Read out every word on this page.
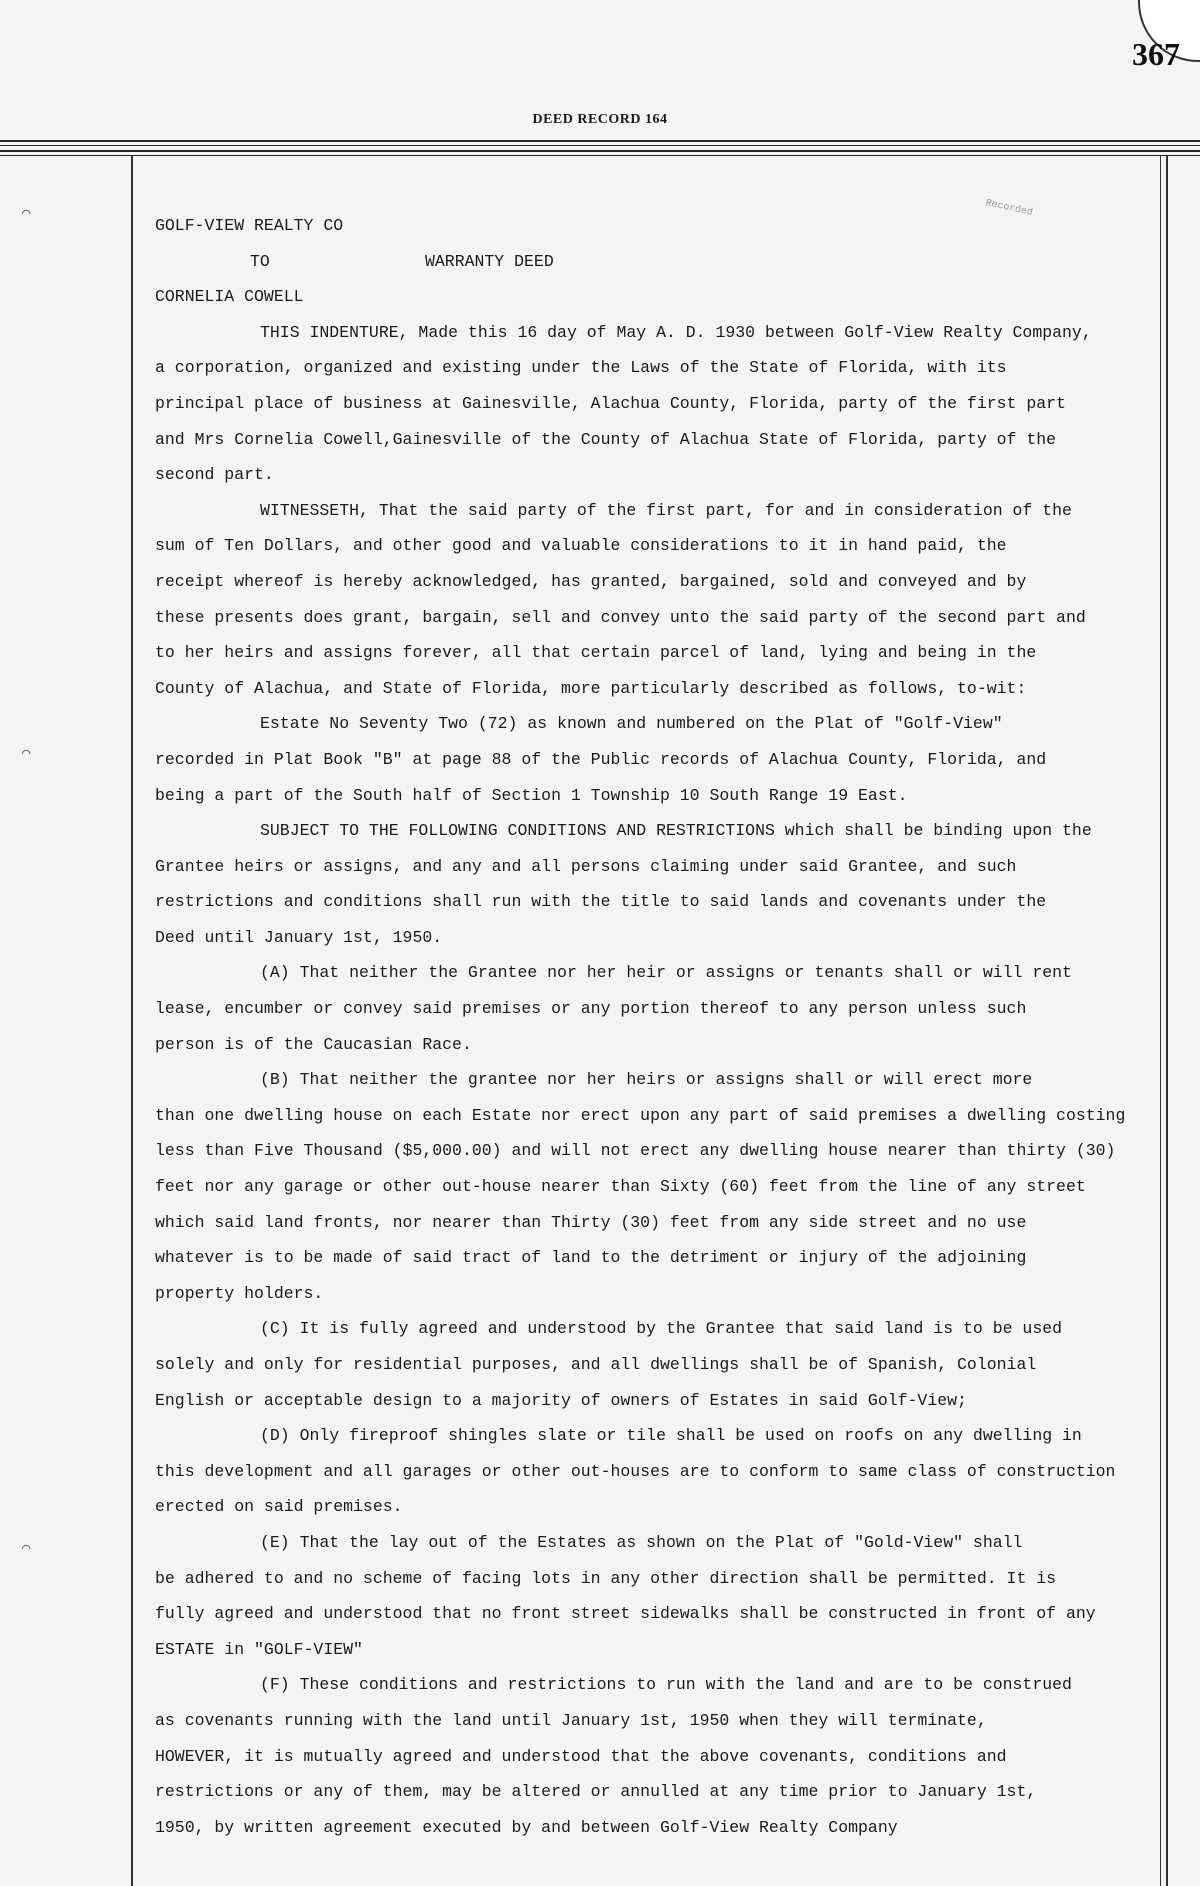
367
DEED RECORD 164
⌒
⌒
⌒
Recorded
GOLF-VIEW REALTY CO
TO	WARRANTY DEED
CORNELIA COWELL
THIS INDENTURE, Made this 16 day of May A. D. 1930 between Golf-View Realty Company,
a corporation, organized and existing under the Laws of the State of Florida, with its
principal place of business at Gainesville, Alachua County, Florida, party of the first part
and Mrs Cornelia Cowell,Gainesville of the County of Alachua State of Florida, party of the
second part.
WITNESSETH, That the said party of the first part, for and in consideration of the
sum of Ten Dollars, and other good and valuable considerations to it in hand paid, the
receipt whereof is hereby acknowledged, has granted, bargained, sold and conveyed and by
these presents does grant, bargain, sell and convey unto the said party of the second part and
to her heirs and assigns forever, all that certain parcel of land, lying and being in the
County of Alachua, and State of Florida, more particularly described as follows, to-wit:
Estate No Seventy Two (72) as known and numbered on the Plat of "Golf-View"
recorded in Plat Book "B" at page 88 of the Public records of Alachua County, Florida, and
being a part of the South half of Section 1 Township 10 South Range 19 East.
SUBJECT TO THE FOLLOWING CONDITIONS AND RESTRICTIONS which shall be binding upon the
Grantee heirs or assigns, and any and all persons claiming under said Grantee, and such
restrictions and conditions shall run with the title to said lands and covenants under the
Deed until January 1st, 1950.
(A) That neither the Grantee nor her heir or assigns or tenants shall or will rent
lease, encumber or convey said premises or any portion thereof to any person unless such
person is of the Caucasian Race.
(B) That neither the grantee nor her heirs or assigns shall or will erect more
than one dwelling house on each Estate nor erect upon any part of said premises a dwelling costing
less than Five Thousand ($5,000.00) and will not erect any dwelling house nearer than thirty (30)
feet nor any garage or other out-house nearer than Sixty (60) feet from the line of any street
which said land fronts, nor nearer than Thirty (30) feet from any side street and no use
whatever is to be made of said tract of land to the detriment or injury of the adjoining
property holders.
(C) It is fully agreed and understood by the Grantee that said land is to be used
solely and only for residential purposes, and all dwellings shall be of Spanish, Colonial
English or acceptable design to a majority of owners of Estates in said Golf-View;
(D) Only fireproof shingles slate or tile shall be used on roofs on any dwelling in
this development and all garages or other out-houses are to conform to same class of construction
erected on said premises.
(E) That the lay out of the Estates as shown on the Plat of "Gold-View" shall
be adhered to and no scheme of facing lots in any other direction shall be permitted. It is
fully agreed and understood that no front street sidewalks shall be constructed in front of any
ESTATE in "GOLF-VIEW"
(F) These conditions and restrictions to run with the land and are to be construed
as covenants running with the land until January 1st, 1950 when they will terminate,
HOWEVER, it is mutually agreed and understood that the above covenants, conditions and
restrictions or any of them, may be altered or annulled at any time prior to January 1st,
1950, by written agreement executed by and between Golf-View Realty Company
